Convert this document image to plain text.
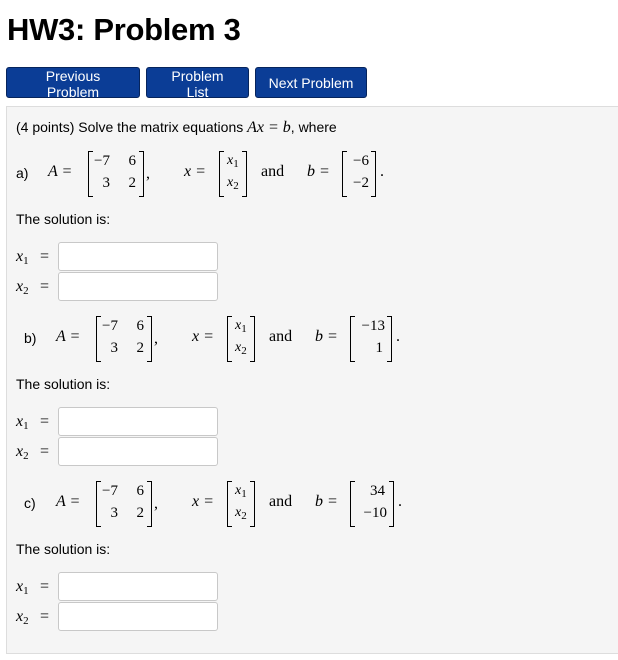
HW3: Problem 3
Previous Problem
Problem List
Next Problem
(4 points) Solve the matrix equations Ax = b, where
a) A =
−7 6
3 2
, x =
$x_1$
$x_2$
and b =
−6
−2
.
The solution is:
$x_1$ =
$x_2$ =
b) A =
−7 6
3 2
, x =
$x_1$
$x_2$
and b =
−13
1
.
The solution is:
$x_1$ =
$x_2$ =
c) A =
−7 6
3 2
, x =
$x_1$
$x_2$
and b =
34
−10
.
The solution is:
$x_1$ =
$x_2$ =
